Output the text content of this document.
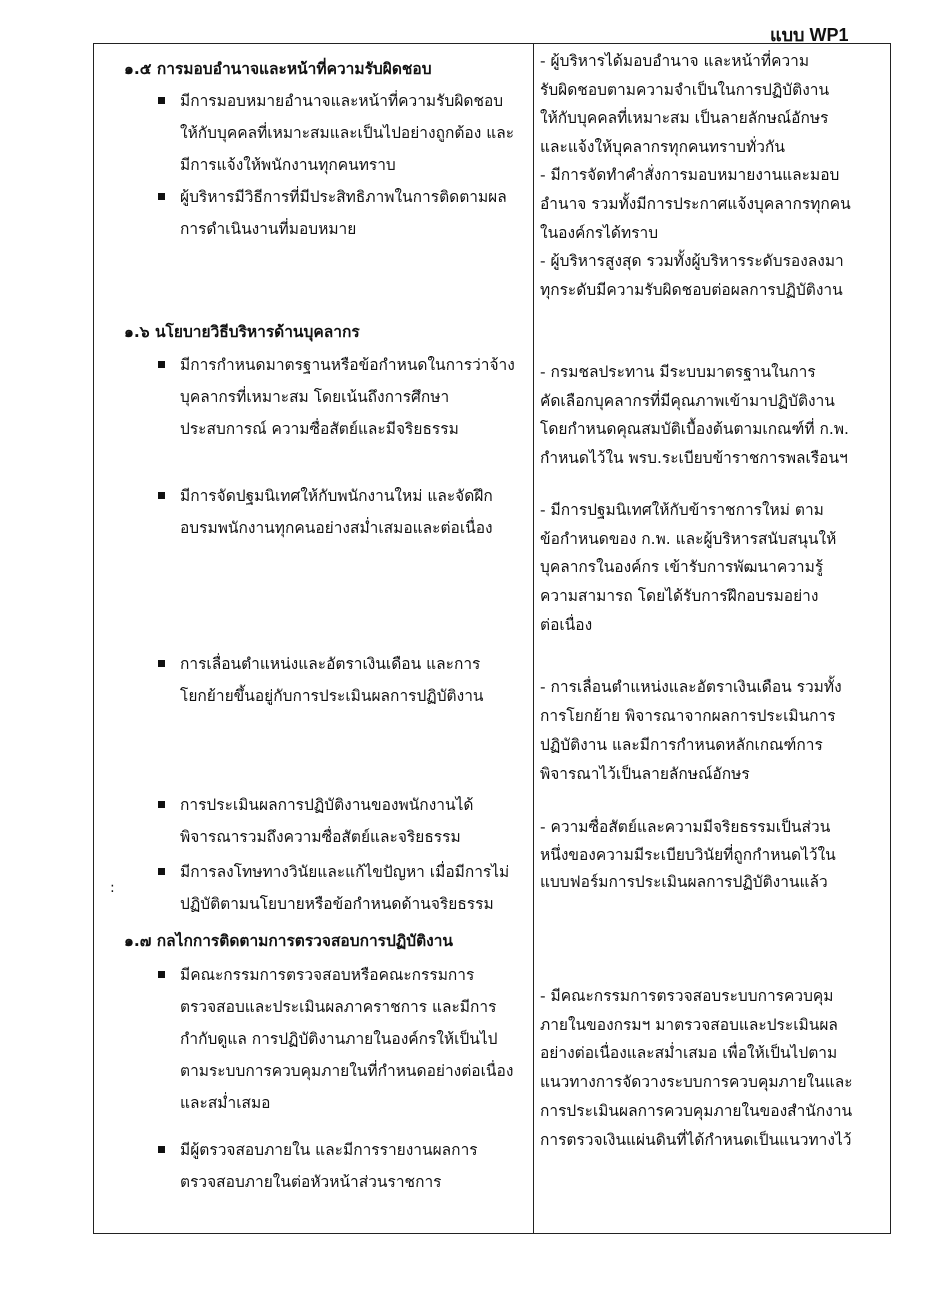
แบบ WP1
:
๑.๕ การมอบอำนาจและหน้าที่ความรับผิดชอบ
มีการมอบหมายอำนาจและหน้าที่ความรับผิดชอบ
ให้กับบุคคลที่เหมาะสมและเป็นไปอย่างถูกต้อง และ
มีการแจ้งให้พนักงานทุกคนทราบ
ผู้บริหารมีวิธีการที่มีประสิทธิภาพในการติดตามผล
การดำเนินงานที่มอบหมาย
๑.๖ นโยบายวิธีบริหารด้านบุคลากร
มีการกำหนดมาตรฐานหรือข้อกำหนดในการว่าจ้าง
บุคลากรที่เหมาะสม โดยเน้นถึงการศึกษา
ประสบการณ์ ความซื่อสัตย์และมีจริยธรรม
มีการจัดปฐมนิเทศให้กับพนักงานใหม่ และจัดฝึก
อบรมพนักงานทุกคนอย่างสม่ำเสมอและต่อเนื่อง
การเลื่อนตำแหน่งและอัตราเงินเดือน และการ
โยกย้ายขึ้นอยู่กับการประเมินผลการปฏิบัติงาน
การประเมินผลการปฏิบัติงานของพนักงานได้
พิจารณารวมถึงความซื่อสัตย์และจริยธรรม
มีการลงโทษทางวินัยและแก้ไขปัญหา เมื่อมีการไม่
ปฏิบัติตามนโยบายหรือข้อกำหนดด้านจริยธรรม
๑.๗ กลไกการติดตามการตรวจสอบการปฏิบัติงาน
มีคณะกรรมการตรวจสอบหรือคณะกรรมการ
ตรวจสอบและประเมินผลภาคราชการ และมีการ
กำกับดูแล การปฏิบัติงานภายในองค์กรให้เป็นไป
ตามระบบการควบคุมภายในที่กำหนดอย่างต่อเนื่อง
และสม่ำเสมอ
มีผู้ตรวจสอบภายใน และมีการรายงานผลการ
ตรวจสอบภายในต่อหัวหน้าส่วนราชการ
- ผู้บริหารได้มอบอำนาจ และหน้าที่ความ
รับผิดชอบตามความจำเป็นในการปฏิบัติงาน
ให้กับบุคคลที่เหมาะสม เป็นลายลักษณ์อักษร
และแจ้งให้บุคลากรทุกคนทราบทั่วกัน
- มีการจัดทำคำสั่งการมอบหมายงานและมอบ
อำนาจ รวมทั้งมีการประกาศแจ้งบุคลากรทุกคน
ในองค์กรได้ทราบ
- ผู้บริหารสูงสุด รวมทั้งผู้บริหารระดับรองลงมา
ทุกระดับมีความรับผิดชอบต่อผลการปฏิบัติงาน
- กรมชลประทาน มีระบบมาตรฐานในการ
คัดเลือกบุคลากรที่มีคุณภาพเข้ามาปฏิบัติงาน
โดยกำหนดคุณสมบัติเบื้องต้นตามเกณฑ์ที่ ก.พ.
กำหนดไว้ใน พรบ.ระเบียบข้าราชการพลเรือนฯ
- มีการปฐมนิเทศให้กับข้าราชการใหม่ ตาม
ข้อกำหนดของ ก.พ. และผู้บริหารสนับสนุนให้
บุคลากรในองค์กร เข้ารับการพัฒนาความรู้
ความสามารถ โดยได้รับการฝึกอบรมอย่าง
ต่อเนื่อง
- การเลื่อนตำแหน่งและอัตราเงินเดือน รวมทั้ง
การโยกย้าย พิจารณาจากผลการประเมินการ
ปฏิบัติงาน และมีการกำหนดหลักเกณฑ์การ
พิจารณาไว้เป็นลายลักษณ์อักษร
- ความซื่อสัตย์และความมีจริยธรรมเป็นส่วน
หนึ่งของความมีระเบียบวินัยที่ถูกกำหนดไว้ใน
แบบฟอร์มการประเมินผลการปฏิบัติงานแล้ว
- มีคณะกรรมการตรวจสอบระบบการควบคุม
ภายในของกรมฯ มาตรวจสอบและประเมินผล
อย่างต่อเนื่องและสม่ำเสมอ เพื่อให้เป็นไปตาม
แนวทางการจัดวางระบบการควบคุมภายในและ
การประเมินผลการควบคุมภายในของสำนักงาน
การตรวจเงินแผ่นดินที่ได้กำหนดเป็นแนวทางไว้
